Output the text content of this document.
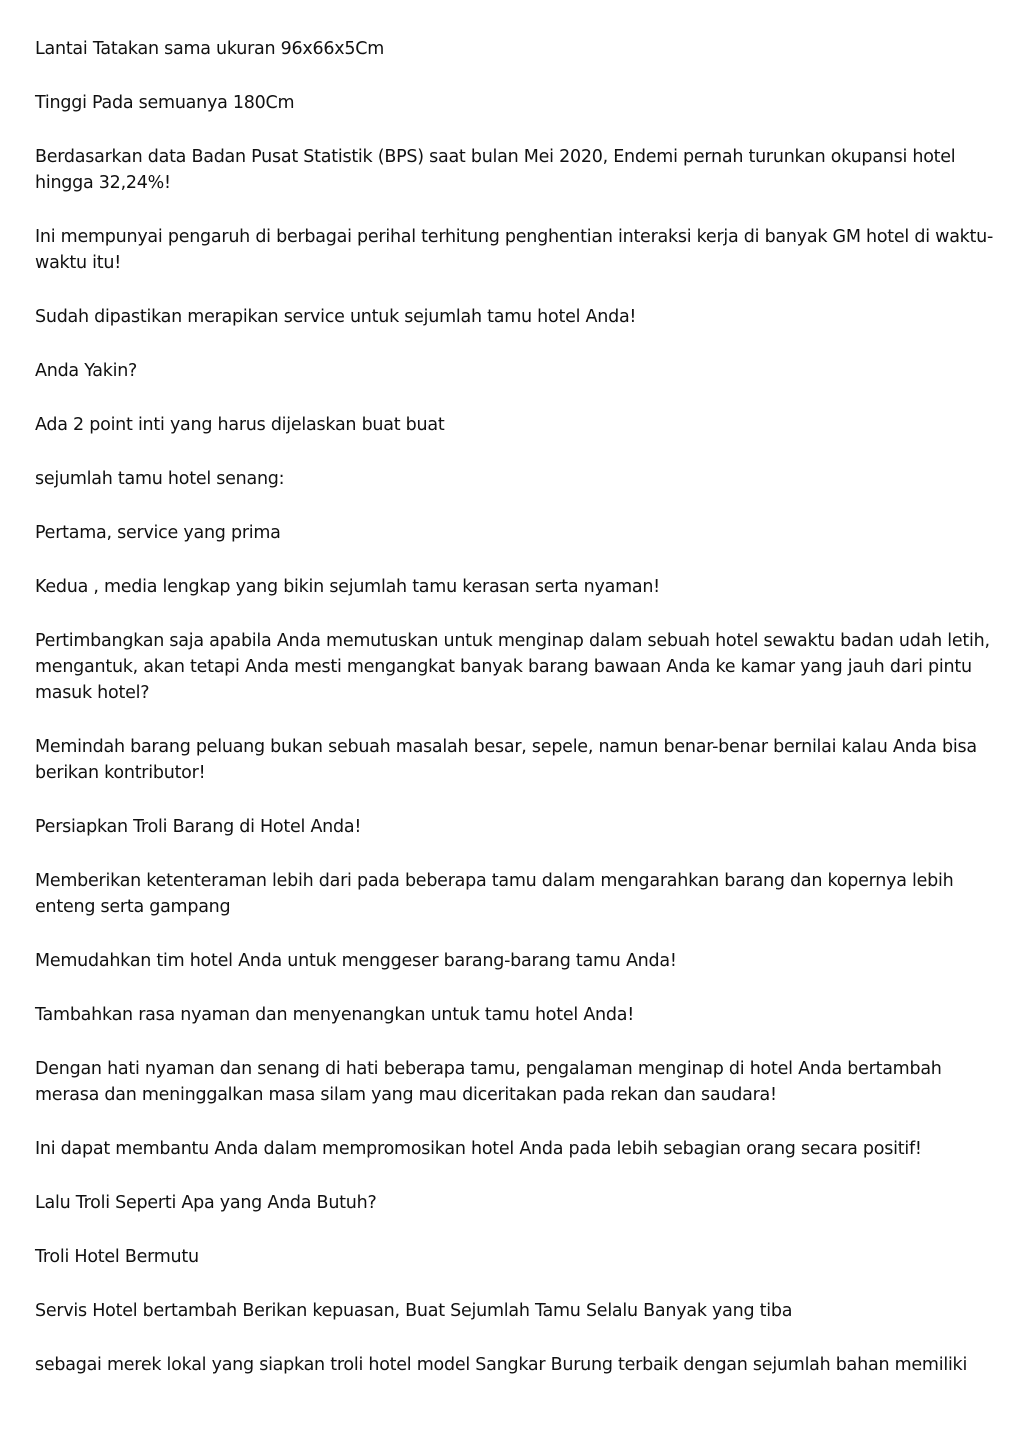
Lantai Tatakan sama ukuran 96x66x5Cm

Tinggi Pada semuanya 180Cm

Berdasarkan data Badan Pusat Statistik (BPS) saat bulan Mei 2020, Endemi pernah turunkan okupansi hotel hingga 32,24%!

Ini mempunyai pengaruh di berbagai perihal terhitung penghentian interaksi kerja di banyak GM hotel di waktu-waktu itu!

Sudah dipastikan merapikan service untuk sejumlah tamu hotel Anda!

Anda Yakin?

Ada 2 point inti yang harus dijelaskan buat buat

sejumlah tamu hotel senang:

Pertama, service yang prima

Kedua , media lengkap yang bikin sejumlah tamu kerasan serta nyaman!

Pertimbangkan saja apabila Anda memutuskan untuk menginap dalam sebuah hotel sewaktu badan udah letih, mengantuk, akan tetapi Anda mesti mengangkat banyak barang bawaan Anda ke kamar yang jauh dari pintu masuk hotel?

Memindah barang peluang bukan sebuah masalah besar, sepele, namun benar-benar bernilai kalau Anda bisa berikan kontributor!

Persiapkan Troli Barang di Hotel Anda!

Memberikan ketenteraman lebih dari pada beberapa tamu dalam mengarahkan barang dan kopernya lebih enteng serta gampang

Memudahkan tim hotel Anda untuk menggeser barang-barang tamu Anda!

Tambahkan rasa nyaman dan menyenangkan untuk tamu hotel Anda!

Dengan hati nyaman dan senang di hati beberapa tamu, pengalaman menginap di hotel Anda bertambah merasa dan meninggalkan masa silam yang mau diceritakan pada rekan dan saudara!

Ini dapat membantu Anda dalam mempromosikan hotel Anda pada lebih sebagian orang secara positif!

Lalu Troli Seperti Apa yang Anda Butuh?

Troli Hotel Bermutu

Servis Hotel bertambah Berikan kepuasan, Buat Sejumlah Tamu Selalu Banyak yang tiba

sebagai merek lokal yang siapkan troli hotel model Sangkar Burung terbaik dengan sejumlah bahan memiliki
